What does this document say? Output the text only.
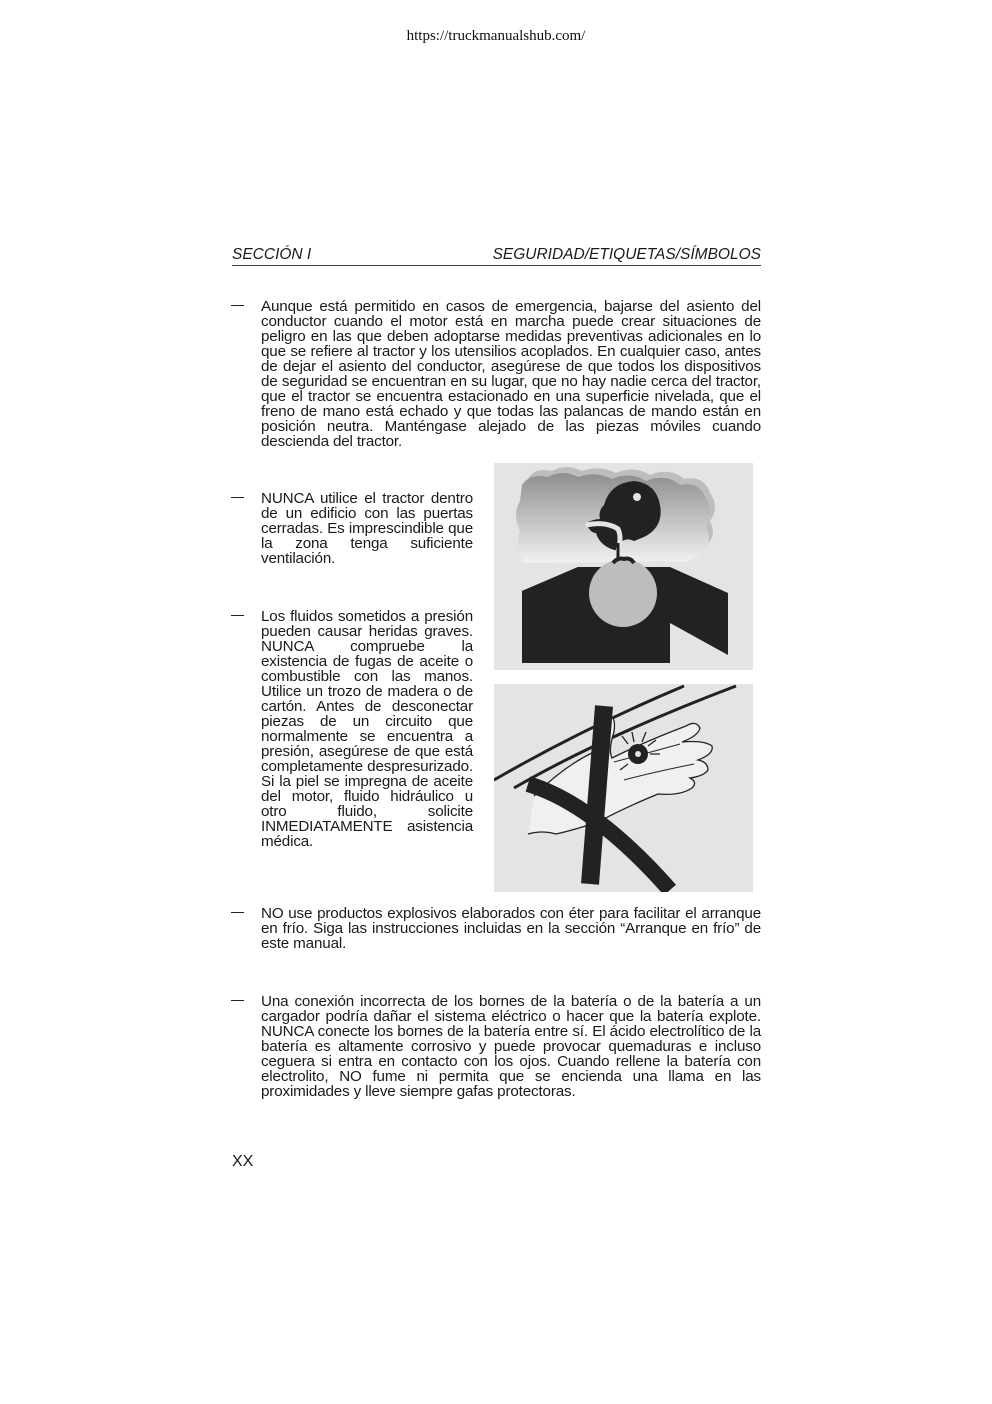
https://truckmanualshub.com/
SECCIÓN I	SEGURIDAD/ETIQUETAS/SÍMBOLOS
Aunque está permitido en casos de emergencia, bajarse del asiento del conductor cuando el motor está en marcha puede crear situaciones de peligro en las que deben adoptarse medidas preventivas adicionales en lo que se refiere al tractor y los utensilios acoplados. En cualquier caso, antes de dejar el asiento del conductor, asegúrese de que todos los dispositivos de seguridad se encuentran en su lugar, que no hay nadie cerca del tractor, que el tractor se encuentra estacionado en una superficie nivelada, que el freno de mano está echado y que todas las palancas de mando están en posición neutra. Manténgase alejado de las piezas móviles cuando descienda del tractor.
NUNCA utilice el tractor dentro de un edificio con las puertas cerradas. Es imprescindible que la zona tenga suficiente ventilación.
Los fluidos sometidos a presión pueden causar heridas graves. NUNCA compruebe la existencia de fugas de aceite o combustible con las manos. Utilice un trozo de madera o de cartón. Antes de desconectar piezas de un circuito que normalmente se encuentra a presión, asegúrese de que está completamente despresurizado. Si la piel se impregna de aceite del motor, fluido hidráulico u otro fluido, solicite INMEDIATAMENTE asistencia médica.
NO use productos explosivos elaborados con éter para facilitar el arranque en frío. Siga las instrucciones incluidas en la sección “Arranque en frío” de este manual.
Una conexión incorrecta de los bornes de la batería o de la batería a un cargador podría dañar el sistema eléctrico o hacer que la batería explote. NUNCA conecte los bornes de la batería entre sí. El ácido electrolítico de la batería es altamente corrosivo y puede provocar quemaduras e incluso ceguera si entra en contacto con los ojos. Cuando rellene la batería con electrolito, NO fume ni permita que se encienda una llama en las proximidades y lleve siempre gafas protectoras.
XX
